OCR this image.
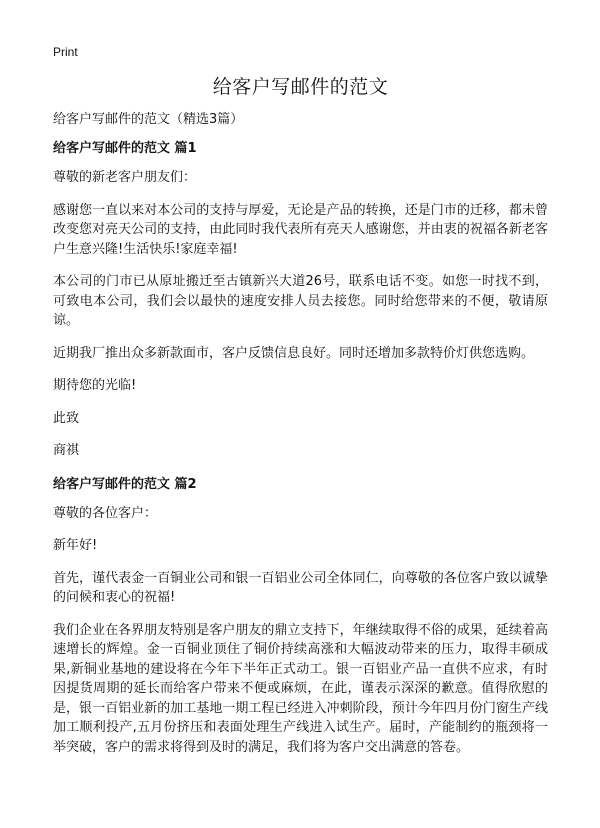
Print
给客户写邮件的范文
给客户写邮件的范文（精选3篇）
给客户写邮件的范文 篇1

尊敬的新老客户朋友们：

感谢您一直以来对本公司的支持与厚爱，无论是产品的转换，还是门市的迁移，都未曾改变您对亮天公司的支持，由此同时我代表所有亮天人感谢您，并由衷的祝福各新老客户生意兴隆!生活快乐!家庭幸福!

本公司的门市已从原址搬迁至古镇新兴大道26号，联系电话不变。如您一时找不到，可致电本公司，我们会以最快的速度安排人员去接您。同时给您带来的不便，敬请原谅。

近期我厂推出众多新款面市，客户反馈信息良好。同时还增加多款特价灯供您选购。

期待您的光临!

此致

商祺

给客户写邮件的范文 篇2

尊敬的各位客户：

新年好!

首先，谨代表金一百铜业公司和银一百铝业公司全体同仁，向尊敬的各位客户致以诚挚的问候和衷心的祝福!

我们企业在各界朋友特别是客户朋友的鼎立支持下，年继续取得不俗的成果，延续着高速增长的辉煌。金一百铜业顶住了铜价持续高涨和大幅波动带来的压力，取得丰硕成果,新铜业基地的建设将在今年下半年正式动工。银一百铝业产品一直供不应求，有时因提货周期的延长而给客户带来不便或麻烦，在此，谨表示深深的歉意。值得欣慰的是，银一百铝业新的加工基地一期工程已经进入冲刺阶段，预计今年四月份门窗生产线加工顺利投产,五月份挤压和表面处理生产线进入试生产。届时，产能制约的瓶颈将一举突破，客户的需求将得到及时的满足，我们将为客户交出满意的答卷。
